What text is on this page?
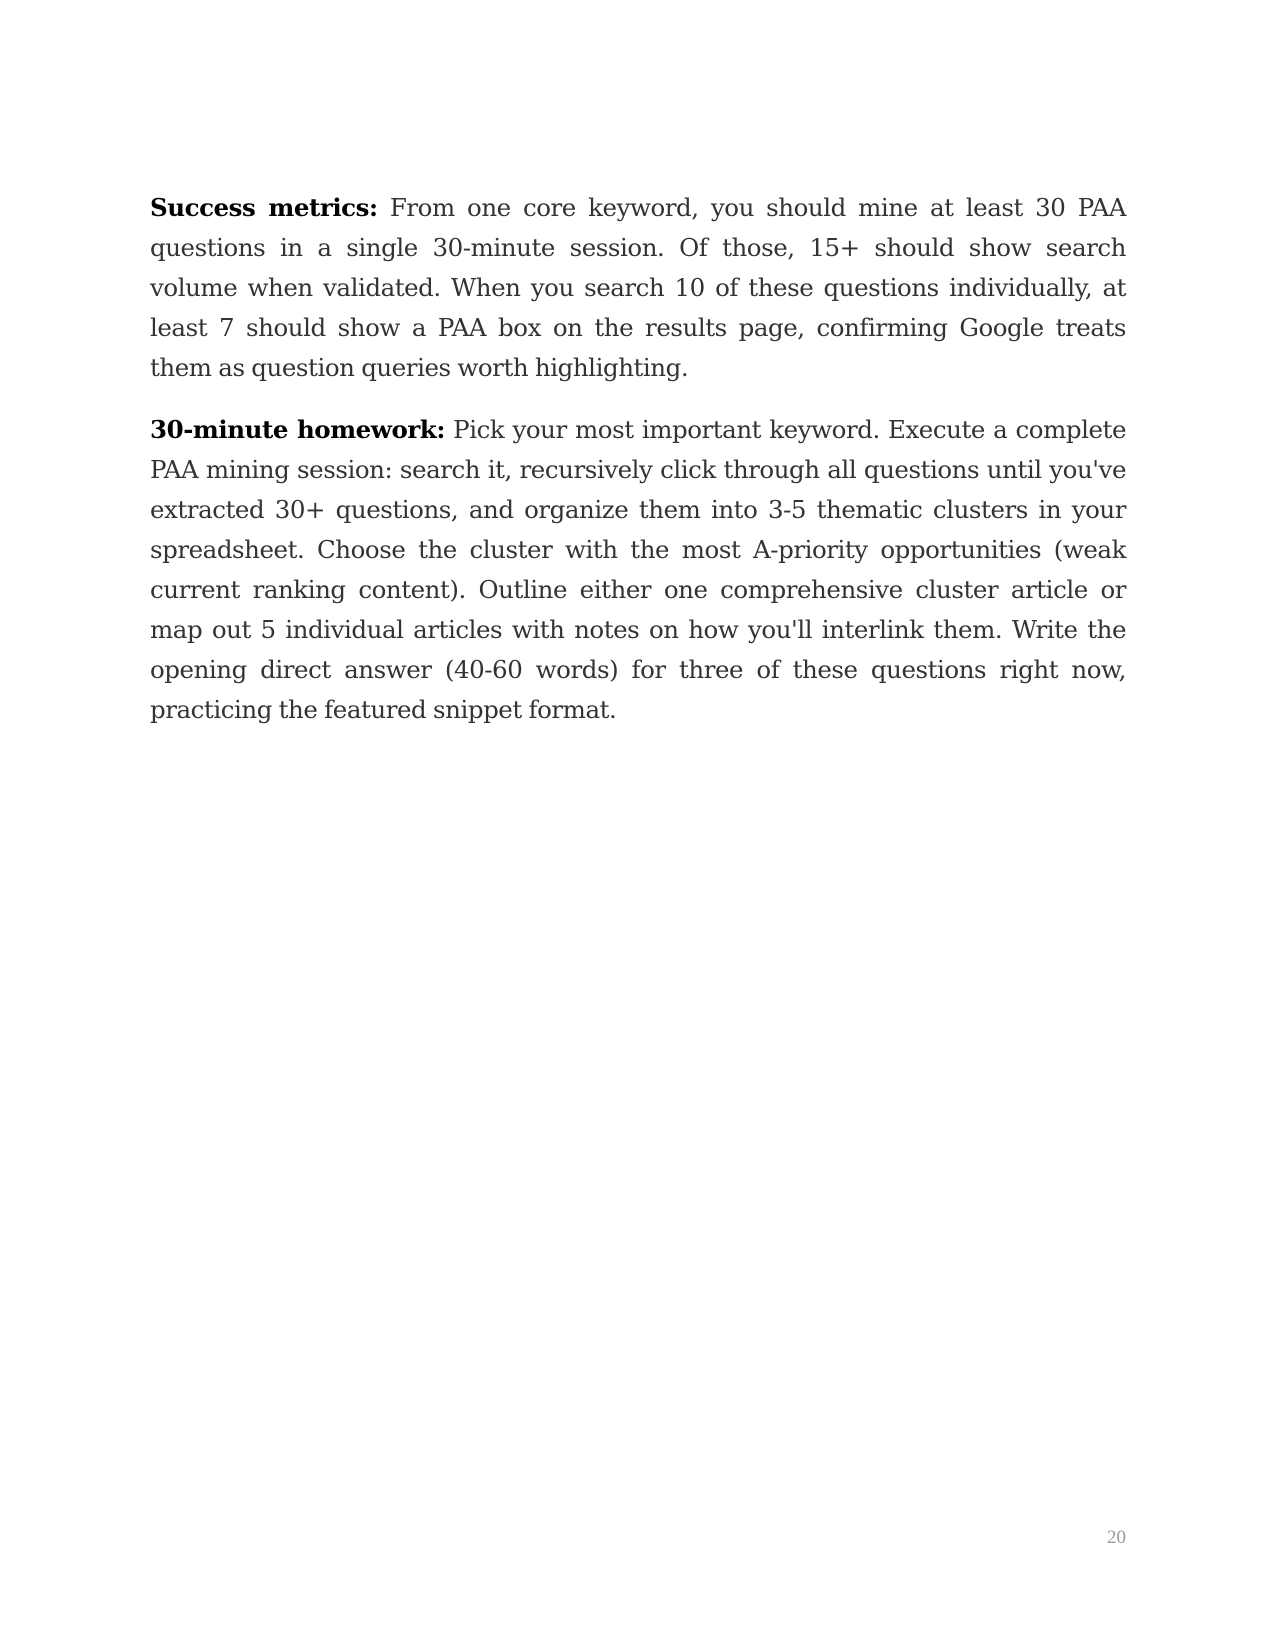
Success metrics: From one core keyword, you should mine at least 30 PAA questions in a single 30-minute session. Of those, 15+ should show search volume when validated. When you search 10 of these questions individually, at least 7 should show a PAA box on the results page, confirming Google treats them as question queries worth highlighting.

30-minute homework: Pick your most important keyword. Execute a complete PAA mining session: search it, recursively click through all questions until you've extracted 30+ questions, and organize them into 3-5 thematic clusters in your spreadsheet. Choose the cluster with the most A-priority opportunities (weak current ranking content). Outline either one comprehensive cluster article or map out 5 individual articles with notes on how you'll interlink them. Write the opening direct answer (40-60 words) for three of these questions right now, practicing the featured snippet format.

20
